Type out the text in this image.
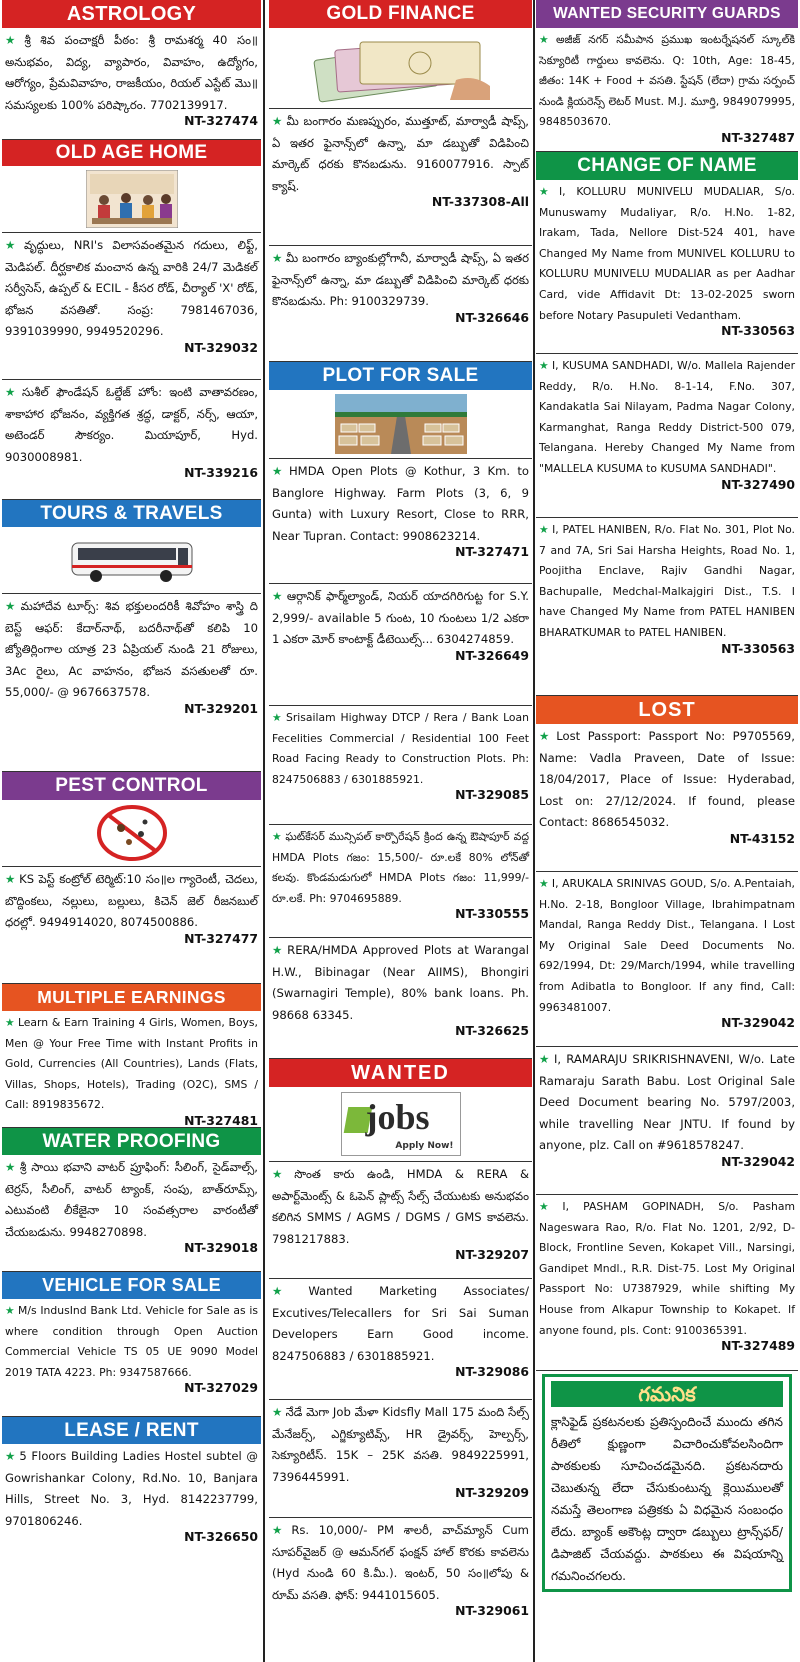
ASTROLOGY
★ శ్రీ శివ పంచాక్షరీ పీఠం: శ్రీ రామశర్మ 40 సం॥ అనుభవం, విద్య, వ్యాపారం, వివాహం, ఉద్యోగం, ఆరోగ్యం, ప్రేమవివాహం, రాజకీయం, రియల్ ఎస్టేట్ మొ॥ సమస్యలకు 100% పరిష్కారం. 7702139917.
NT-327474
OLD AGE HOME
★ వృద్ధులు, NRI's విలాసవంతమైన గదులు, లిఫ్ట్, మెడిపల్. దీర్ఘకాలిక మంచాన ఉన్న వారికి 24/7 మెడికల్ సర్వీసెస్, ఉప్పల్ & ECIL - కీసర రోడ్, చీర్యాల్ 'X' రోడ్, భోజన వసతితో. సంప్ర: 7981467036, 9391039990, 9949520296.
NT-329032
★ సుశీల్ ఫౌండేషన్ ఓల్డేజ్ హోం: ఇంటి వాతావరణం, శాకాహార భోజనం, వ్యక్తిగత శ్రద్ధ, డాక్టర్, నర్స్, ఆయా, అటెండర్ సౌకర్యం. మియాపూర్, Hyd. 9030008981.
NT-339216
TOURS & TRAVELS
★ మహాదేవ టూర్స్: శివ భక్తులందరికీ శివోహం శాస్త్రి ది బెస్ట్ ఆఫర్: కేదార్‌నాథ్, బదరీనాథ్‌తో కలిపి 10 జ్యోతిర్లింగాల యాత్ర 23 ఏప్రియల్ నుండి 21 రోజులు, 3Ac రైలు, Ac వాహనం, భోజన వసతులతో రూ. 55,000/- @ 9676637578.
NT-329201
PEST CONTROL
★ KS పెస్ట్ కంట్రోల్ టెర్మిట్:10 సం॥ల గ్యారెంటీ, చెదలు, బొద్దింకలు, నల్లులు, బల్లులు, కిచెన్ జెల్ రీజనబుల్ ధరల్లో. 9494914020, 8074500886.
NT-327477
MULTIPLE EARNINGS
★ Learn & Earn Training 4 Girls, Women, Boys, Men @ Your Free Time with Instant Profits in Gold, Currencies (All Countries), Lands (Flats, Villas, Shops, Hotels), Trading (O2C), SMS / Call: 8919835672.
NT-327481
WATER PROOFING
★ శ్రీ సాయి భవాని వాటర్ ప్రూఫింగ్: సీలింగ్, సైడ్‌వాల్స్, టెర్రస్, సీలింగ్, వాటర్ ట్యాంక్, సంపు, బాత్‌రూమ్స్, ఎటువంటి లీకేజైనా 10 సంవత్సరాల వారంటీతో చేయబడును. 9948270898.
NT-329018
VEHICLE FOR SALE
★ M/s IndusInd Bank Ltd. Vehicle for Sale as is where condition through Open Auction Commercial Vehicle TS 05 UE 9090 Model 2019 TATA 4223. Ph: 9347587666.
NT-327029
LEASE / RENT
★ 5 Floors Building Ladies Hostel subtel @ Gowrishankar Colony, Rd.No. 10, Banjara Hills, Street No. 3, Hyd. 8142237799, 9701806246.
NT-326650
GOLD FINANCE
★ మీ బంగారం మణప్పురం, ముత్తూట్, మార్వాడీ షాప్స్, ఏ ఇతర ఫైనాన్స్‌లో ఉన్నా, మా డబ్బుతో విడిపించి మార్కెట్ ధరకు కొనబడును. 9160077916. స్పాట్ క్యాష్.
NT-337308-All
★ మీ బంగారం బ్యాంకుల్లోగానీ, మార్వాడీ షాప్స్, ఏ ఇతర ఫైనాన్స్‌లో ఉన్నా, మా డబ్బుతో విడిపించి మార్కెట్ ధరకు కొనబడును. Ph: 9100329739.
NT-326646
PLOT FOR SALE
★ HMDA Open Plots @ Kothur, 3 Km. to Banglore Highway. Farm Plots (3, 6, 9 Gunta) with Luxury Resort, Close to RRR, Near Tupran. Contact: 9908623214.
NT-327471
★ ఆర్గానిక్ ఫార్మ్‌ల్యాండ్, నియర్ యాదగిరిగుట్ట for S.Y. 2,999/- available 5 గుంట, 10 గుంటలు 1/2 ఎకరా 1 ఎకరా మోర్ కాంటాక్ట్ డీటెయిల్స్... 6304274859.
NT-326649
★ Srisailam Highway DTCP / Rera / Bank Loan Fecelities Commercial / Residential 100 Feet Road Facing Ready to Construction Plots. Ph: 8247506883 / 6301885921.
NT-329085
★ ఘట్‌కేసర్ మున్సిపల్ కార్పొరేషన్ క్రింద ఉన్న ఔషాపూర్ వద్ద HMDA Plots గజం: 15,500/- రూ.లకే 80% లోన్‌తో కలవు. కొండమడుగులో HMDA Plots గజం: 11,999/- రూ.లకే. Ph: 9704695889.
NT-330555
★ RERA/HMDA Approved Plots at Warangal H.W., Bibinagar (Near AIIMS), Bhongiri (Swarnagiri Temple), 80% bank loans. Ph. 98668 63345.
NT-326625
WANTED
jobs
Apply Now!
★ సొంత కారు ఉండి, HMDA & RERA & అపార్ట్‌మెంట్స్ & ఓపెన్ ప్లాట్స్ సేల్స్ చేయుటకు అనుభవం కలిగిన SMMS / AGMS / DGMS / GMS కావలెను. 7981217883.
NT-329207
★ Wanted Marketing Associates/ Excutives/Telecallers for Sri Sai Suman Developers Earn Good income. 8247506883 / 6301885921.
NT-329086
★ నేడే మెగా Job మేళా Kidsfly Mall 175 మంది సేల్స్ మేనేజర్స్, ఎగ్జిక్యూటివ్స్, HR డ్రైవర్స్, హెల్పర్స్, సెక్యూరిటీస్. 15K – 25K వసతి. 9849225991, 7396445991.
NT-329209
★ Rs. 10,000/- PM శాలరీ, వాచ్‌మ్యాన్ Cum సూపర్‌వైజర్ @ ఆమన్‌గల్ ఫంక్షన్ హాల్ కొరకు కావలెను (Hyd నుండి 60 కి.మీ.). ఇంటర్, 50 సం॥లోపు & రూమ్ వసతి. ఫోన్: 9441015605.
NT-329061
WANTED SECURITY GUARDS
★ అజీజ్ నగర్ సమీపాన ప్రముఖ ఇంటర్నేషనల్ స్కూల్‌కి సెక్యూరిటీ గార్డులు కావలెను. Q: 10th, Age: 18-45, జీతం: 14K + Food + వసతి. స్టేషన్ (లేదా) గ్రామ సర్పంచ్ నుండి క్లియరెన్స్ లెటర్ Must. M.J. మూర్తి, 9849079995, 9848503670.
NT-327487
CHANGE OF NAME
★ I, KOLLURU MUNIVELU MUDALIAR, S/o. Munuswamy Mudaliyar, R/o. H.No. 1-82, Irakam, Tada, Nellore Dist-524 401, have Changed My Name from MUNIVEL KOLLURU to KOLLURU MUNIVELU MUDALIAR as per Aadhar Card, vide Affidavit Dt: 13-02-2025 sworn before Notary Pasupuleti Vedantham.
NT-330563
★ I, KUSUMA SANDHADI, W/o. Mallela Rajender Reddy, R/o. H.No. 8-1-14, F.No. 307, Kandakatla Sai Nilayam, Padma Nagar Colony, Karmanghat, Ranga Reddy District-500 079, Telangana. Hereby Changed My Name from "MALLELA KUSUMA to KUSUMA SANDHADI".
NT-327490
★ I, PATEL HANIBEN, R/o. Flat No. 301, Plot No. 7 and 7A, Sri Sai Harsha Heights, Road No. 1, Poojitha Enclave, Rajiv Gandhi Nagar, Bachupalle, Medchal-Malkajgiri Dist., T.S. I have Changed My Name from PATEL HANIBEN BHARATKUMAR to PATEL HANIBEN.
NT-330563
LOST
★ Lost Passport: Passport No: P9705569, Name: Vadla Praveen, Date of Issue: 18/04/2017, Place of Issue: Hyderabad, Lost on: 27/12/2024. If found, please Contact: 8686545032.
NT-43152
★ I, ARUKALA SRINIVAS GOUD, S/o. A.Pentaiah, H.No. 2-18, Bongloor Village, Ibrahimpatnam Mandal, Ranga Reddy Dist., Telangana. I Lost My Original Sale Deed Documents No. 692/1994, Dt: 29/March/1994, while travelling from Adibatla to Bongloor. If any find, Call: 9963481007.
NT-329042
★ I, RAMARAJU SRIKRISHNAVENI, W/o. Late Ramaraju Sarath Babu. Lost Original Sale Deed Document bearing No. 5797/2003, while travelling Near JNTU. If found by anyone, plz. Call on #9618578247.
NT-329042
★ I, PASHAM GOPINADH, S/o. Pasham Nageswara Rao, R/o. Flat No. 1201, 2/92, D-Block, Frontline Seven, Kokapet Vill., Narsingi, Gandipet Mndl., R.R. Dist-75. Lost My Original Passport No: U7387929, while shifting My House from Alkapur Township to Kokapet. If anyone found, pls. Cont: 9100365391.
NT-327489
గమనిక
క్లాసిఫైడ్ ప్రకటనలకు ప్రతిస్పందించే ముందు తగిన రీతిలో క్షుణ్ణంగా విచారించుకోవలసిందిగా పాఠకులకు సూచించడమైనది. ప్రకటనదారు చెబుతున్న లేదా చేసుకుంటున్న క్లెయిములతో నమస్తే తెలంగాణ పత్రికకు ఏ విధమైన సంబంధం లేదు. బ్యాంక్ అకౌంట్ల ద్వారా డబ్బులు ట్రాన్స్‌ఫర్/డిపాజిట్ చేయవద్దు. పాఠకులు ఈ విషయాన్ని గమనించగలరు.
